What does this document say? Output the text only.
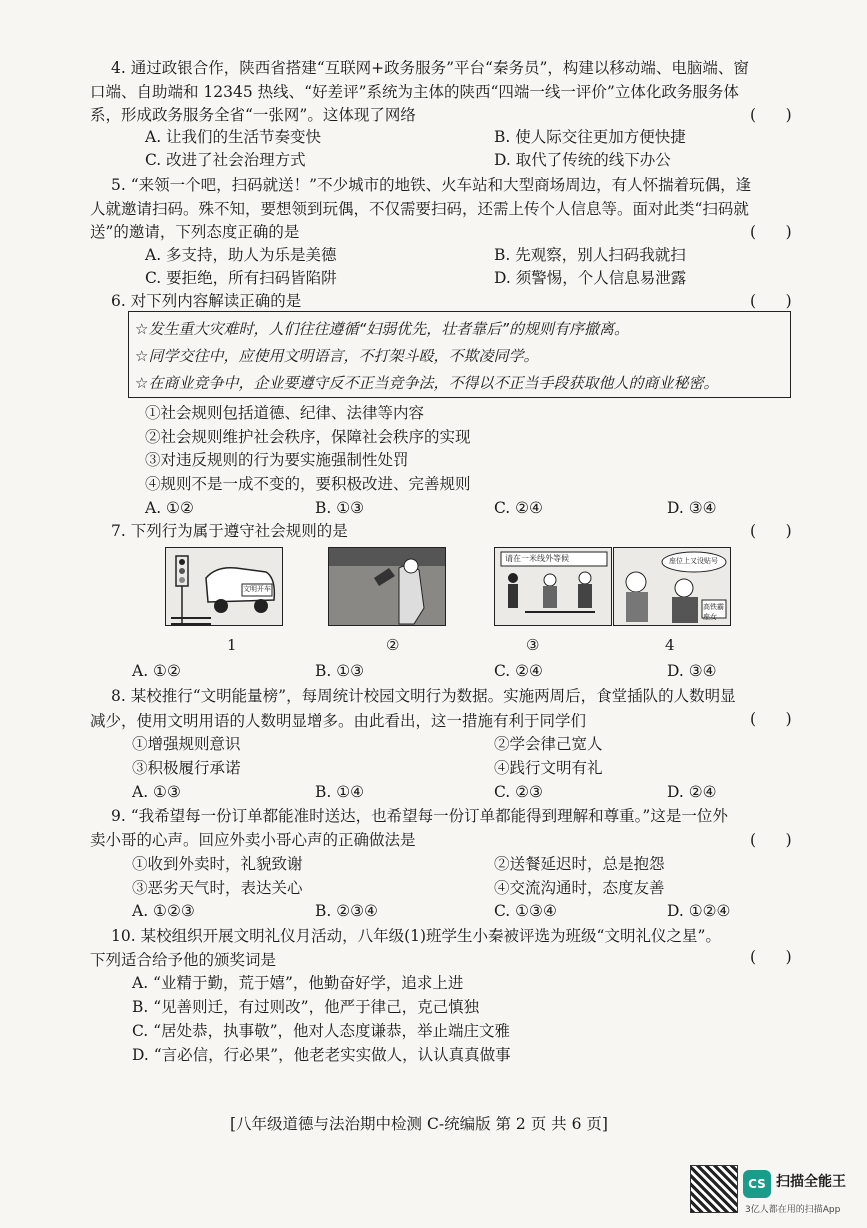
4. 通过政银合作，陕西省搭建“互联网+政务服务”平台“秦务员”，构建以移动端、电脑端、窗
口端、自助端和 12345 热线、“好差评”系统为主体的陕西“四端一线一评价”立体化政务服务体
系，形成政务服务全省“一张网”。这体现了网络	(      )
A. 让我们的生活节奏变快	B. 使人际交往更加方便快捷
C. 改进了社会治理方式	D. 取代了传统的线下办公
5. “来领一个吧，扫码就送！”不少城市的地铁、火车站和大型商场周边，有人怀揣着玩偶，逢
人就邀请扫码。殊不知，要想领到玩偶，不仅需要扫码，还需上传个人信息等。面对此类“扫码就
送”的邀请，下列态度正确的是	(      )
A. 多支持，助人为乐是美德	B. 先观察，别人扫码我就扫
C. 要拒绝，所有扫码皆陷阱	D. 须警惕，个人信息易泄露
6. 对下列内容解读正确的是	(      )
☆发生重大灾难时，人们往往遵循“妇弱优先，壮者靠后”的规则有序撤离。
☆同学交往中，应使用文明语言，不打架斗殴，不欺凌同学。
☆在商业竞争中，企业要遵守反不正当竞争法，不得以不正当手段获取他人的商业秘密。
①社会规则包括道德、纪律、法律等内容
②社会规则维护社会秩序，保障社会秩序的实现
③对违反规则的行为要实施强制性处罚
④规则不是一成不变的，要积极改进、完善规则
A. ①②	B. ①③	C. ②④	D. ③④
7. 下列行为属于遵守社会规则的是	(      )
文明开车
请在一米线外等候	座位上又没贴号
高铁霸座女
1	②	③	4
A. ①②	B. ①③	C. ②④	D. ③④
8. 某校推行“文明能量榜”，每周统计校园文明行为数据。实施两周后，食堂插队的人数明显
减少，使用文明用语的人数明显增多。由此看出，这一措施有利于同学们	(      )
①增强规则意识	②学会律己宽人
③积极履行承诺	④践行文明有礼
A. ①③	B. ①④	C. ②③	D. ②④
9. “我希望每一份订单都能准时送达，也希望每一份订单都能得到理解和尊重。”这是一位外
卖小哥的心声。回应外卖小哥心声的正确做法是	(      )
①收到外卖时，礼貌致谢	②送餐延迟时，总是抱怨
③恶劣天气时，表达关心	④交流沟通时，态度友善
A. ①②③	B. ②③④	C. ①③④	D. ①②④
10. 某校组织开展文明礼仪月活动，八年级(1)班学生小秦被评选为班级“文明礼仪之星”。
下列适合给予他的颁奖词是	(      )
A. “业精于勤，荒于嬉”，他勤奋好学，追求上进
B. “见善则迁，有过则改”，他严于律己，克己慎独
C. “居处恭，执事敬”，他对人态度谦恭，举止端庄文雅
D. “言必信，行必果”，他老老实实做人，认认真真做事
[八年级道德与法治期中检测 C-统编版 第 2 页 共 6 页]
CS 扫描全能王
3亿人都在用的扫描App
